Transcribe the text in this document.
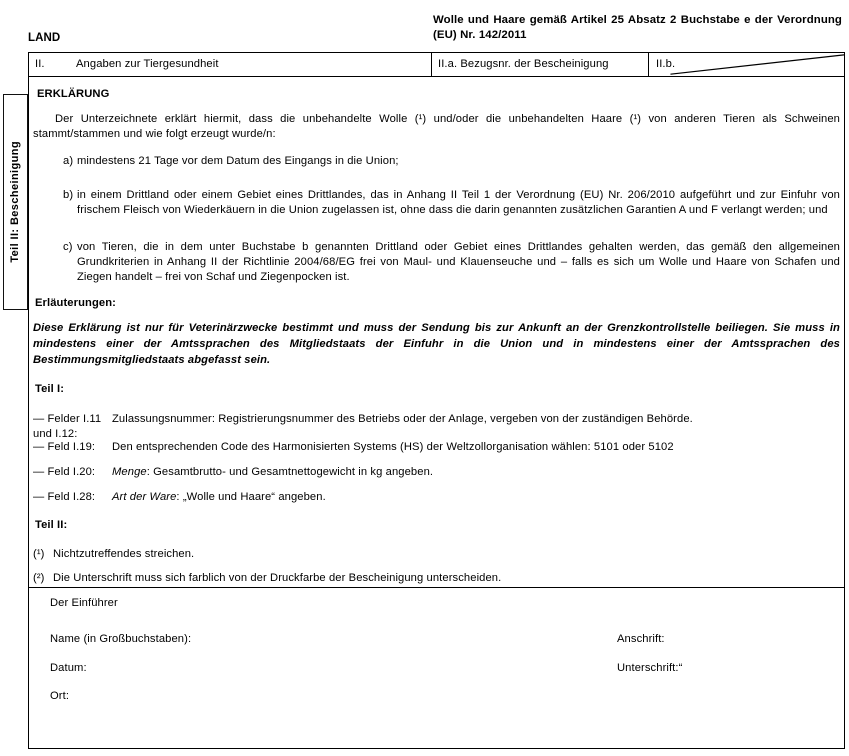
LAND
Wolle und Haare gemäß Artikel 25 Absatz 2 Buchstabe e der Verordnung (EU) Nr. 142/2011
II.	Angaben zur Tiergesundheit	II.a. Bezugsnr. der Bescheinigung	II.b.
Teil II: Bescheinigung
ERKLÄRUNG
Der Unterzeichnete erklärt hiermit, dass die unbehandelte Wolle (¹) und/oder die unbehandelten Haare (¹) von anderen Tieren als Schweinen stammt/stammen und wie folgt erzeugt wurde/n:
a) mindestens 21 Tage vor dem Datum des Eingangs in die Union;
b) in einem Drittland oder einem Gebiet eines Drittlandes, das in Anhang II Teil 1 der Verordnung (EU) Nr. 206/2010 aufgeführt und zur Einfuhr von frischem Fleisch von Wiederkäuern in die Union zugelassen ist, ohne dass die darin genannten zusätzlichen Garantien A und F verlangt werden; und
c) von Tieren, die in dem unter Buchstabe b genannten Drittland oder Gebiet eines Drittlandes gehalten werden, das gemäß den allgemeinen Grundkriterien in Anhang II der Richtlinie 2004/68/EG frei von Maul- und Klauenseuche und – falls es sich um Wolle und Haare von Schafen und Ziegen handelt – frei von Schaf und Ziegenpocken ist.
Erläuterungen:
Diese Erklärung ist nur für Veterinärzwecke bestimmt und muss der Sendung bis zur Ankunft an der Grenzkontrollstelle beiliegen. Sie muss in mindestens einer der Amtssprachen des Mitgliedstaats der Einfuhr in die Union und in mindestens einer der Amtssprachen des Bestimmungsmitgliedstaats abgefasst sein.
Teil I:
— Felder I.11 und I.12:Zulassungsnummer: Registrierungsnummer des Betriebs oder der Anlage, vergeben von der zuständigen Behörde.
— Feld I.19: Den entsprechenden Code des Harmonisierten Systems (HS) der Weltzollorganisation wählen: 5101 oder 5102
— Feld I.20: Menge: Gesamtbrutto- und Gesamtnettogewicht in kg angeben.
— Feld I.28: Art der Ware: „Wolle und Haare“ angeben.
Teil II:
(¹) Nichtzutreffendes streichen.
(²) Die Unterschrift muss sich farblich von der Druckfarbe der Bescheinigung unterscheiden.
Der Einführer
Name (in Großbuchstaben):	Anschrift:
Datum:	Unterschrift:“
Ort:
